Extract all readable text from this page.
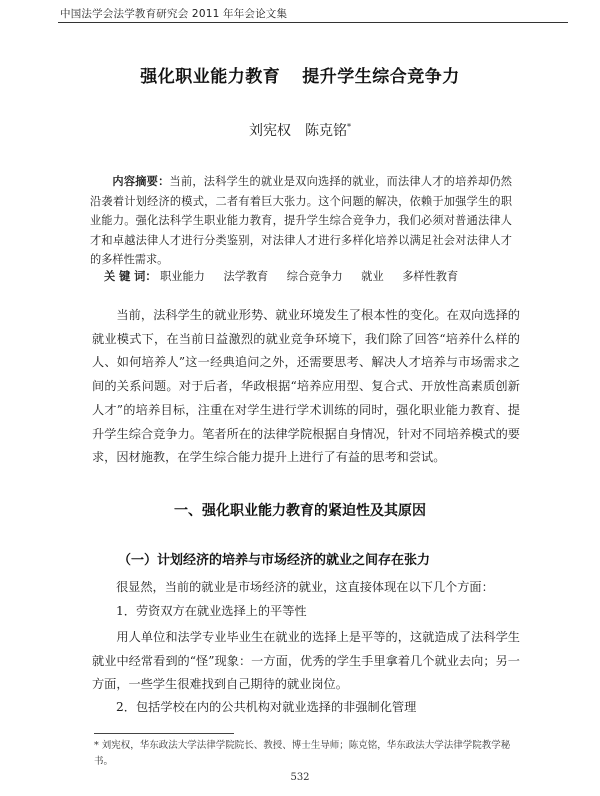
中国法学会法学教育研究会 2011 年年会论文集
强化职业能力教育 提升学生综合竞争力
刘宪权 陈克铭*
内容摘要：当前，法科学生的就业是双向选择的就业，而法律人才的培养却仍然沿袭着计划经济的模式，二者有着巨大张力。这个问题的解决，依赖于加强学生的职业能力。强化法科学生职业能力教育，提升学生综合竞争力，我们必须对普通法律人才和卓越法律人才进行分类鉴别，对法律人才进行多样化培养以满足社会对法律人才的多样性需求。
关 键 词： 职业能力 法学教育 综合竞争力 就业 多样性教育
当前，法科学生的就业形势、就业环境发生了根本性的变化。在双向选择的就业模式下，在当前日益激烈的就业竞争环境下，我们除了回答“培养什么样的人、如何培养人”这一经典追问之外，还需要思考、解决人才培养与市场需求之间的关系问题。对于后者，华政根据“培养应用型、复合式、开放性高素质创新人才”的培养目标，注重在对学生进行学术训练的同时，强化职业能力教育、提升学生综合竞争力。笔者所在的法律学院根据自身情况，针对不同培养模式的要求，因材施教，在学生综合能力提升上进行了有益的思考和尝试。
一、强化职业能力教育的紧迫性及其原因
（一）计划经济的培养与市场经济的就业之间存在张力
很显然，当前的就业是市场经济的就业，这直接体现在以下几个方面：
1．劳资双方在就业选择上的平等性
用人单位和法学专业毕业生在就业的选择上是平等的，这就造成了法科学生就业中经常看到的“怪”现象：一方面，优秀的学生手里拿着几个就业去向；另一方面，一些学生很难找到自己期待的就业岗位。
2．包括学校在内的公共机构对就业选择的非强制化管理
* 刘宪权，华东政法大学法律学院院长、教授、博士生导师；陈克铭，华东政法大学法律学院教学秘书。
532
